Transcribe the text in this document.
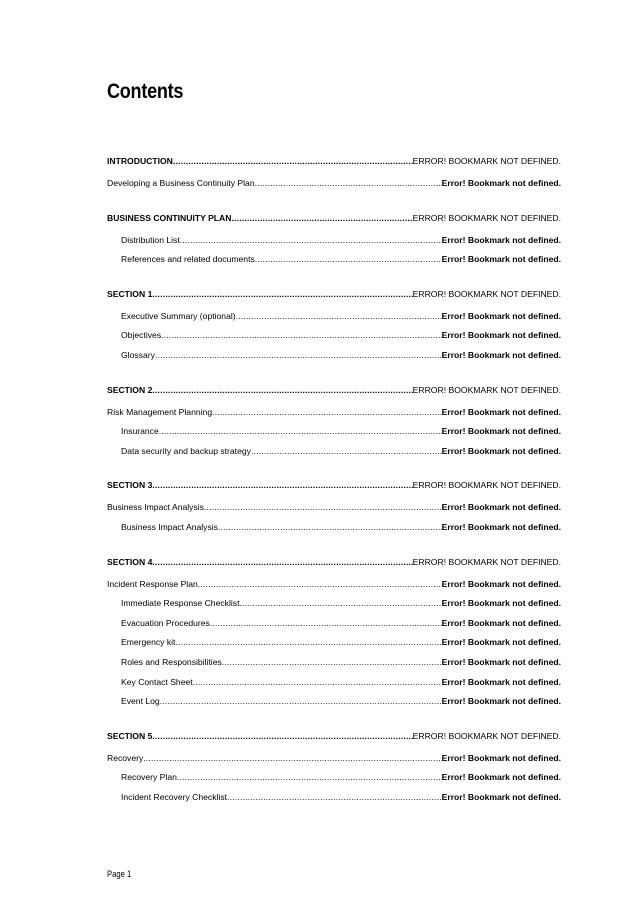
Contents
INTRODUCTION .....	ERROR! BOOKMARK NOT DEFINED.
Developing a Business Continuity Plan .....	Error! Bookmark not defined.
BUSINESS CONTINUITY PLAN .....	ERROR! BOOKMARK NOT DEFINED.
Distribution List .....	Error! Bookmark not defined.
References and related documents .....	Error! Bookmark not defined.
SECTION 1 .....	ERROR! BOOKMARK NOT DEFINED.
Executive Summary (optional) .....	Error! Bookmark not defined.
Objectives .....	Error! Bookmark not defined.
Glossary .....	Error! Bookmark not defined.
SECTION 2 .....	ERROR! BOOKMARK NOT DEFINED.
Risk Management Planning .....	Error! Bookmark not defined.
Insurance .....	Error! Bookmark not defined.
Data security and backup strategy .....	Error! Bookmark not defined.
SECTION 3 .....	ERROR! BOOKMARK NOT DEFINED.
Business Impact Analysis .....	Error! Bookmark not defined.
Business Impact Analysis .....	Error! Bookmark not defined.
SECTION 4 .....	ERROR! BOOKMARK NOT DEFINED.
Incident Response Plan .....	Error! Bookmark not defined.
Immediate Response Checklist .....	Error! Bookmark not defined.
Evacuation Procedures .....	Error! Bookmark not defined.
Emergency kit .....	Error! Bookmark not defined.
Roles and Responsibilities .....	Error! Bookmark not defined.
Key Contact Sheet .....	Error! Bookmark not defined.
Event Log .....	Error! Bookmark not defined.
SECTION 5 .....	ERROR! BOOKMARK NOT DEFINED.
Recovery .....	Error! Bookmark not defined.
Recovery Plan .....	Error! Bookmark not defined.
Incident Recovery Checklist .....	Error! Bookmark not defined.
Page 1
